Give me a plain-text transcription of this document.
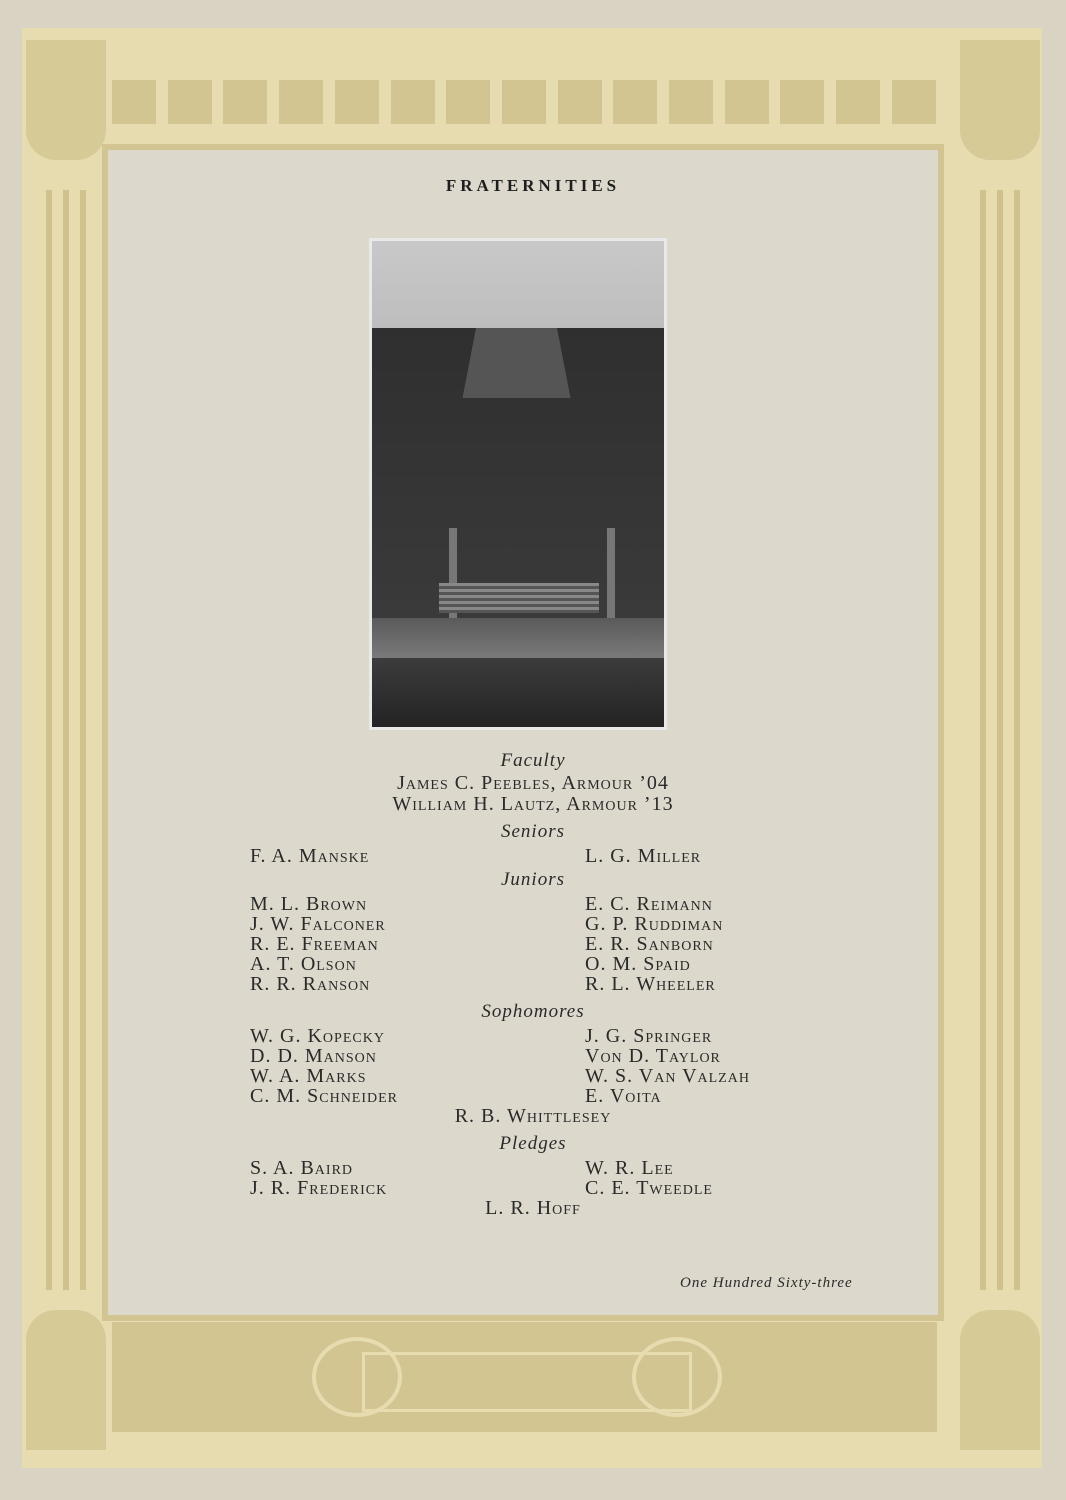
FRATERNITIES
Faculty
James C. Peebles, Armour ’04
William H. Lautz, Armour ’13
Seniors
F. A. Manske	L. G. Miller
Juniors
M. L. Brown
J. W. Falconer
R. E. Freeman
A. T. Olson
R. R. Ranson
E. C. Reimann
G. P. Ruddiman
E. R. Sanborn
O. M. Spaid
R. L. Wheeler
Sophomores
W. G. Kopecky
D. D. Manson
W. A. Marks
C. M. Schneider
J. G. Springer
Von D. Taylor
W. S. Van Valzah
E. Voita
R. B. Whittlesey
Pledges
S. A. Baird
J. R. Frederick
W. R. Lee
C. E. Tweedle
L. R. Hoff
One Hundred Sixty-three
